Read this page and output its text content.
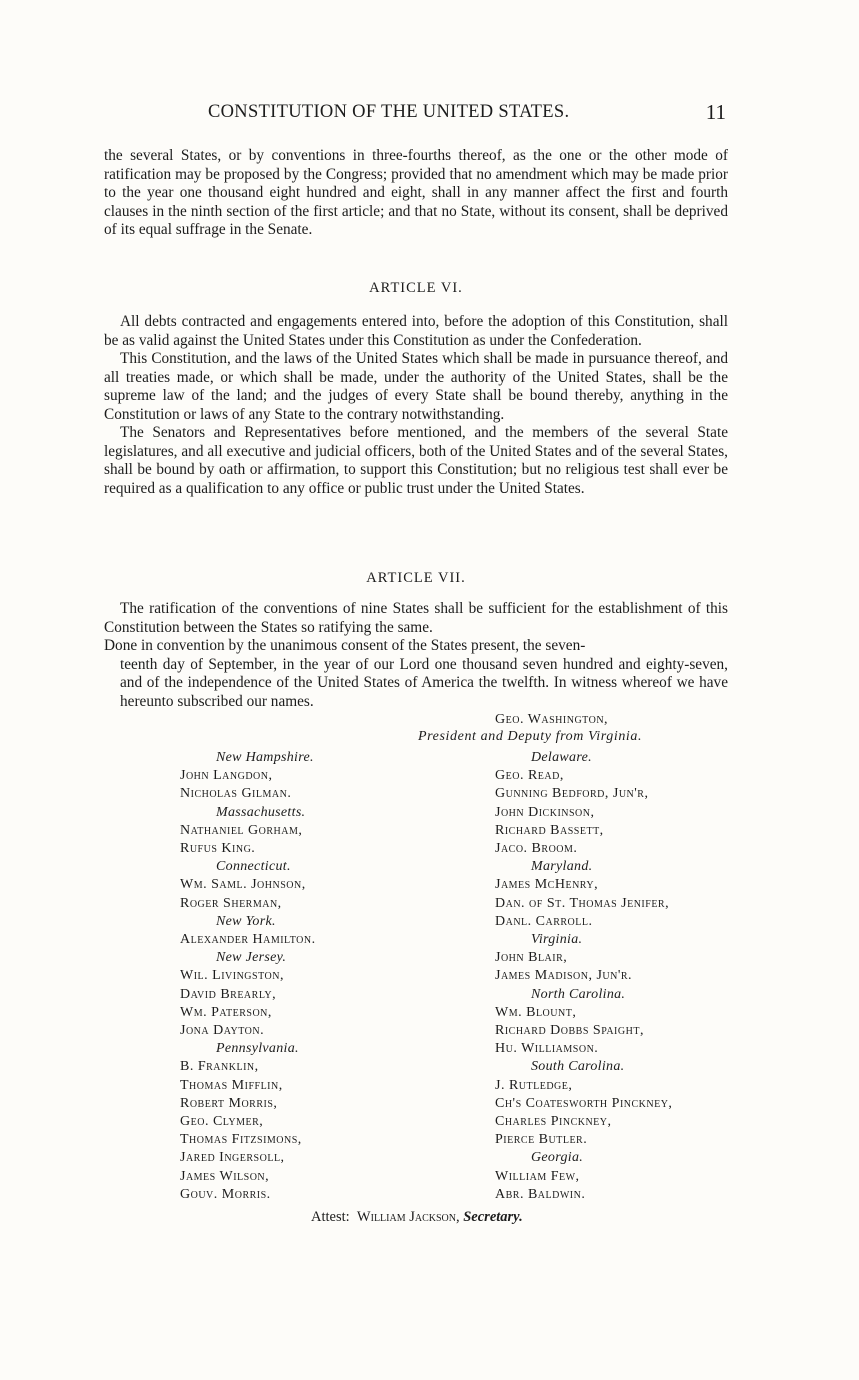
CONSTITUTION OF THE UNITED STATES.	11

the several States, or by conventions in three-fourths thereof, as the one or the other mode of ratification may be proposed by the Congress; provided that no amendment which may be made prior to the year one thousand eight hundred and eight, shall in any manner affect the first and fourth clauses in the ninth section of the first article; and that no State, without its consent, shall be deprived of its equal suffrage in the Senate.

ARTICLE VI.

All debts contracted and engagements entered into, before the adoption of this Constitution, shall be as valid against the United States under this Constitution as under the Confederation.

This Constitution, and the laws of the United States which shall be made in pursuance thereof, and all treaties made, or which shall be made, under the authority of the United States, shall be the supreme law of the land; and the judges of every State shall be bound thereby, anything in the Constitution or laws of any State to the contrary notwithstanding.

The Senators and Representatives before mentioned, and the members of the several State legislatures, and all executive and judicial officers, both of the United States and of the several States, shall be bound by oath or affirmation, to support this Constitution; but no religious test shall ever be required as a qualification to any office or public trust under the United States.

ARTICLE VII.

The ratification of the conventions of nine States shall be sufficient for the establishment of this Constitution between the States so ratifying the same.

Done in convention by the unanimous consent of the States present, the seven-
teenth day of September, in the year of our Lord one thousand seven hundred and eighty-seven, and of the independence of the United States of America the twelfth. In witness whereof we have hereunto subscribed our names.
Geo. Washington,
President and Deputy from Virginia.
New Hampshire.
John Langdon,
Nicholas Gilman.
Massachusetts.
Nathaniel Gorham,
Rufus King.
Connecticut.
Wm. Saml. Johnson,
Roger Sherman,
New York.
Alexander Hamilton.
New Jersey.
Wil. Livingston,
David Brearly,
Wm. Paterson,
Jona Dayton.
Pennsylvania.
B. Franklin,
Thomas Mifflin,
Robert Morris,
Geo. Clymer,
Thomas Fitzsimons,
Jared Ingersoll,
James Wilson,
Gouv. Morris.
Delaware.
Geo. Read,
Gunning Bedford, Jun'r,
John Dickinson,
Richard Bassett,
Jaco. Broom.
Maryland.
James McHenry,
Dan. of St. Thomas Jenifer,
Danl. Carroll.
Virginia.
John Blair,
James Madison, Jun'r.
North Carolina.
Wm. Blount,
Richard Dobbs Spaight,
Hu. Williamson.
South Carolina.
J. Rutledge,
Ch's Coatesworth Pinckney,
Charles Pinckney,
Pierce Butler.
Georgia.
William Few,
Abr. Baldwin.
Attest: William Jackson, Secretary.
